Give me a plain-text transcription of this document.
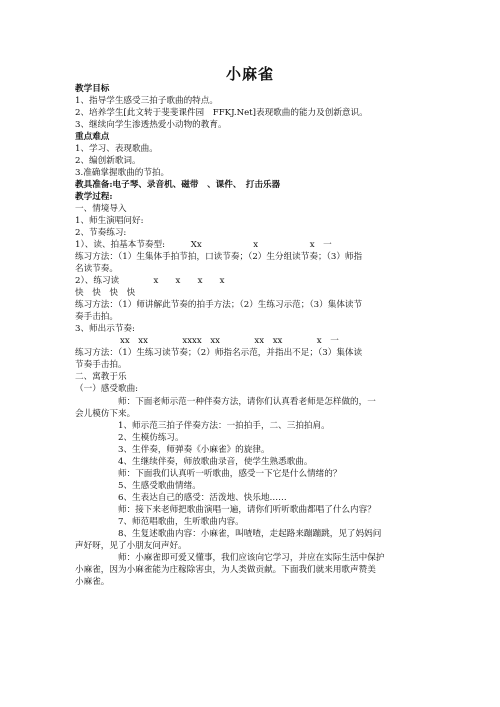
小麻雀
教学目标
1、指导学生感受三拍子歌曲的特点。
2、培养学生[此文转于斐斐课件园　FFKJ.Net]表现歌曲的能力及创新意识。
3、继续向学生渗透热爱小动物的教育。
重点难点
1、学习、表现歌曲。
2、编创新歌词。
3.准确掌握歌曲的节拍。
教具准备:电子琴、录音机、磁带　、课件、　打击乐器
教学过程:
一、情境导入
1、师生演唱问好:
2、节奏练习:
1）、读、拍基本节奏型:　　　Xx　　　　　　x　　　　　　x　一
练习方法：（1）生集体手拍节拍，口读节奏；（2）生分组读节奏；（3）师指
名读节奏。
2）、练习读　　　　x　　x　　x　　x
快　快　快　快
练习方法：（1）师讲解此节奏的拍手方法；（2）生练习示范；（3）集体读节
奏手击拍。
3、师出示节奏:
xx　xx　　　　xxxx　xx　　　　xx　xx　　　　x　一
练习方法：（1）生练习读节奏；（2）师指名示范，并指出不足；（3）集体读
节奏手击拍。
二、寓教于乐
（一）感受歌曲:
师：下面老师示范一种伴奏方法，请你们认真看老师是怎样做的，一
会儿模仿下来。
1、师示范三拍子伴奏方法：一拍拍手，二、三拍拍肩。
2、生模仿练习。
3、生伴奏，师弹奏《小麻雀》的旋律。
4、生继续伴奏，师放歌曲录音，使学生熟悉歌曲。
师：下面我们认真听一听歌曲，感受一下它是什么情绪的？
5、生感受歌曲情绪。
6、生表达自己的感受：活泼地、快乐地……
师：接下来老师把歌曲演唱一遍，请你们听听歌曲都唱了什么内容？
7、师范唱歌曲，生听歌曲内容。
8、生复述歌曲内容：小麻雀，叫喳喳，走起路来蹦蹦跳，见了妈妈问
声好呀，见了小朋友问声好。
师：小麻雀即可爱又懂事，我们应该向它学习，并应在实际生活中保护
小麻雀，因为小麻雀能为庄稼除害虫，为人类做贡献。下面我们就来用歌声赞美
小麻雀。
